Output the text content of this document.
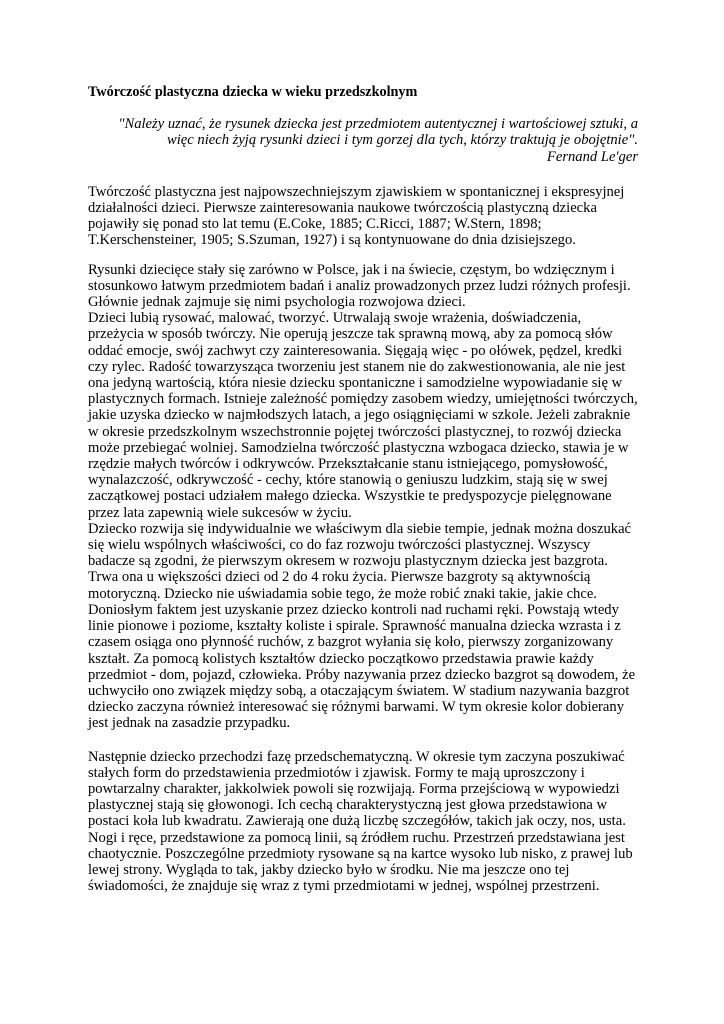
Twórczość plastyczna dziecka w wieku przedszkolnym

"Należy uznać, że rysunek dziecka jest przedmiotem autentycznej i wartościowej sztuki, a więc niech żyją rysunki dzieci i tym gorzej dla tych, którzy traktują je obojętnie".

Fernand Le'ger

Twórczość plastyczna jest najpowszechniejszym zjawiskiem w spontanicznej i ekspresyjnej działalności dzieci. Pierwsze zainteresowania naukowe twórczością plastyczną dziecka pojawiły się ponad sto lat temu (E.Coke, 1885; C.Ricci, 1887; W.Stern, 1898; T.Kerschensteiner, 1905; S.Szuman, 1927) i są kontynuowane do dnia dzisiejszego.

Rysunki dziecięce stały się zarówno w Polsce, jak i na świecie, częstym, bo wdzięcznym i stosunkowo łatwym przedmiotem badań i analiz prowadzonych przez ludzi różnych profesji. Głównie jednak zajmuje się nimi psychologia rozwojowa dzieci.

Dzieci lubią rysować, malować, tworzyć. Utrwalają swoje wrażenia, doświadczenia, przeżycia w sposób twórczy. Nie operują jeszcze tak sprawną mową, aby za pomocą słów oddać emocje, swój zachwyt czy zainteresowania. Sięgają więc - po ołówek, pędzel, kredki czy rylec. Radość towarzysząca tworzeniu jest stanem nie do zakwestionowania, ale nie jest ona jedyną wartością, która niesie dziecku spontaniczne i samodzielne wypowiadanie się w plastycznych formach. Istnieje zależność pomiędzy zasobem wiedzy, umiejętności twórczych, jakie uzyska dziecko w najmłodszych latach, a jego osiągnięciami w szkole. Jeżeli zabraknie w okresie przedszkolnym wszechstronnie pojętej twórczości plastycznej, to rozwój dziecka może przebiegać wolniej. Samodzielna twórczość plastyczna wzbogaca dziecko, stawia je w rzędzie małych twórców i odkrywców. Przekształcanie stanu istniejącego, pomysłowość, wynalazczość, odkrywczość - cechy, które stanowią o geniuszu ludzkim, stają się w swej zaczątkowej postaci udziałem małego dziecka. Wszystkie te predyspozycje pielęgnowane przez lata zapewnią wiele sukcesów w życiu.

Dziecko rozwija się indywidualnie we właściwym dla siebie tempie, jednak można doszukać się wielu wspólnych właściwości, co do faz rozwoju twórczości plastycznej. Wszyscy badacze są zgodni, że pierwszym okresem w rozwoju plastycznym dziecka jest bazgrota. Trwa ona u większości dzieci od 2 do 4 roku życia. Pierwsze bazgroty są aktywnością motoryczną. Dziecko nie uświadamia sobie tego, że może robić znaki takie, jakie chce. Doniosłym faktem jest uzyskanie przez dziecko kontroli nad ruchami ręki. Powstają wtedy linie pionowe i poziome, kształty koliste i spirale. Sprawność manualna dziecka wzrasta i z czasem osiąga ono płynność ruchów, z bazgrot wyłania się koło, pierwszy zorganizowany kształt. Za pomocą kolistych kształtów dziecko początkowo przedstawia prawie każdy przedmiot - dom, pojazd, człowieka. Próby nazywania przez dziecko bazgrot są dowodem, że uchwyciło ono związek między sobą, a otaczającym światem. W stadium nazywania bazgrot dziecko zaczyna również interesować się różnymi barwami. W tym okresie kolor dobierany jest jednak na zasadzie przypadku.

Następnie dziecko przechodzi fazę przedschematyczną. W okresie tym zaczyna poszukiwać stałych form do przedstawienia przedmiotów i zjawisk. Formy te mają uproszczony i powtarzalny charakter, jakkolwiek powoli się rozwijają. Forma przejściową w wypowiedzi plastycznej stają się głowonogi. Ich cechą charakterystyczną jest głowa przedstawiona w postaci koła lub kwadratu. Zawierają one dużą liczbę szczegółów, takich jak oczy, nos, usta. Nogi i ręce, przedstawione za pomocą linii, są źródłem ruchu. Przestrzeń przedstawiana jest chaotycznie. Poszczególne przedmioty rysowane są na kartce wysoko lub nisko, z prawej lub lewej strony. Wygląda to tak, jakby dziecko było w środku. Nie ma jeszcze ono tej świadomości, że znajduje się wraz z tymi przedmiotami w jednej, wspólnej przestrzeni.
